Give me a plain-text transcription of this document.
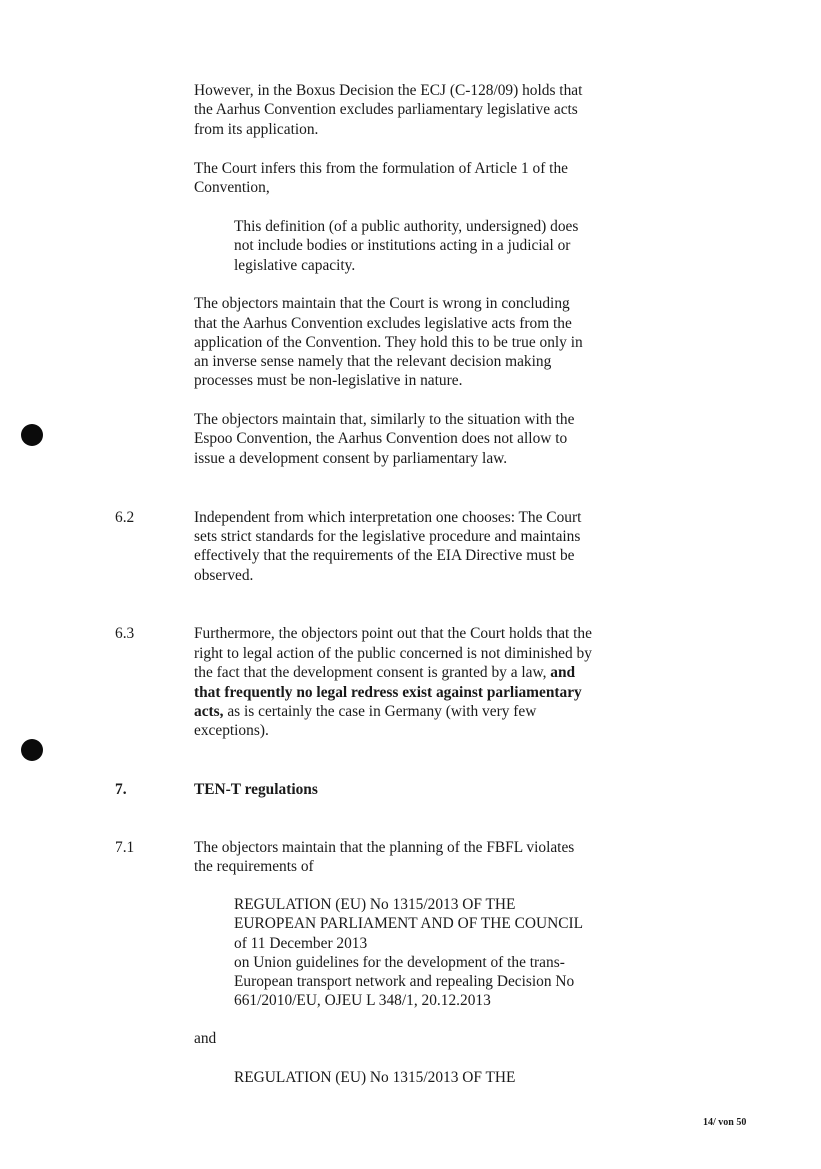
However, in the Boxus Decision the ECJ (C-128/09) holds that

the Aarhus Convention excludes parliamentary legislative acts

from its application.

The Court infers this from the formulation of Article 1 of the

Convention,

This definition (of a public authority, undersigned) does

not include bodies or institutions acting in a judicial or

legislative capacity.

The objectors maintain that the Court is wrong in concluding

that the Aarhus Convention excludes legislative acts from the

application of the Convention. They hold this to be true only in

an inverse sense namely that the relevant decision making

processes must be non-legislative in nature.

The objectors maintain that, similarly to the situation with the

Espoo Convention, the Aarhus Convention does not allow to

issue a development consent by parliamentary law.

6.2	Independent from which interpretation one chooses: The Court

sets strict standards for the legislative procedure and maintains

effectively that the requirements of the EIA Directive must be

observed.

6.3	Furthermore, the objectors point out that the Court holds that the

right to legal action of the public concerned is not diminished by

the fact that the development consent is granted by a law, and

that frequently no legal redress exist against parliamentary

acts, as is certainly the case in Germany (with very few

exceptions).

7.	TEN-T regulations

7.1	The objectors maintain that the planning of the FBFL violates

the requirements of

REGULATION (EU) No 1315/2013 OF THE

EUROPEAN PARLIAMENT AND OF THE COUNCIL

of 11 December 2013

on Union guidelines for the development of the trans-

European transport network and repealing Decision No

661/2010/EU, OJEU L 348/1, 20.12.2013

and

REGULATION (EU) No 1315/2013 OF THE

14/ von 50
